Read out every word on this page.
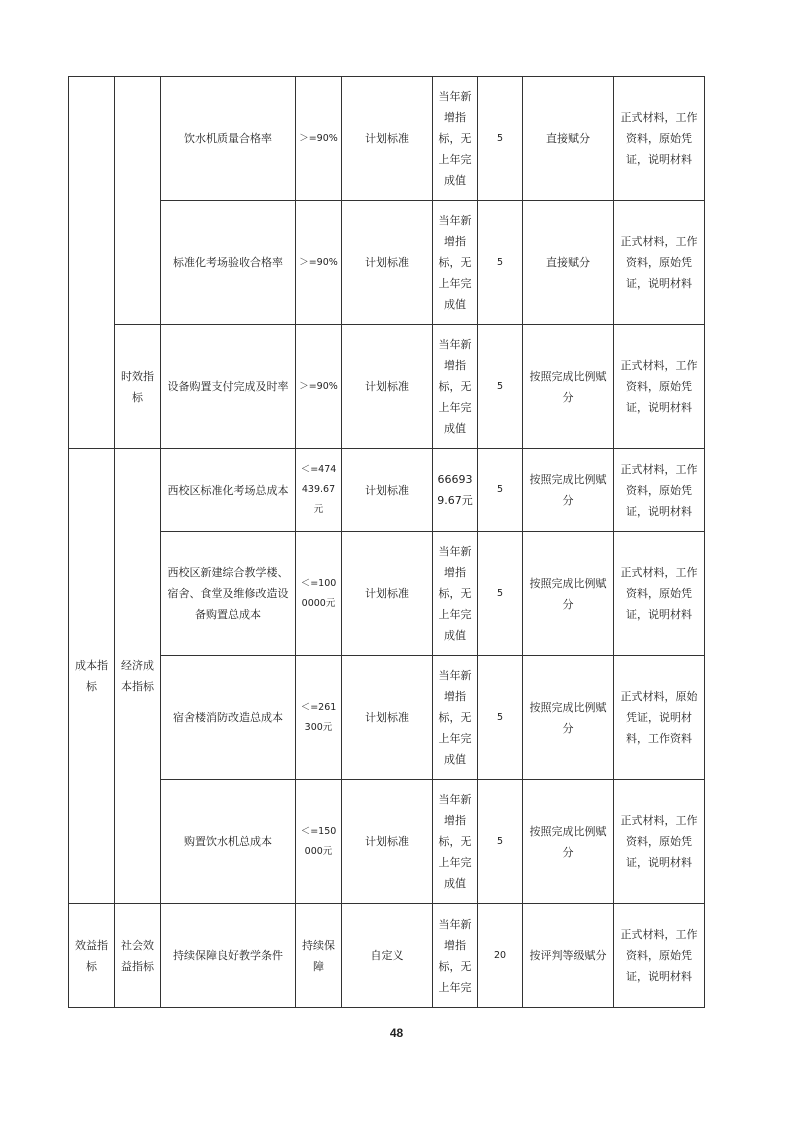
		饮水机质量合格率	＞=90%	计划标准	当年新增指标，无上年完成值	5	直接赋分	正式材料，工作资料，原始凭证，说明材料
		标准化考场验收合格率	＞=90%	计划标准	当年新增指标，无上年完成值	5	直接赋分	正式材料，工作资料，原始凭证，说明材料
	时效指标	设备购置支付完成及时率	＞=90%	计划标准	当年新增指标，无上年完成值	5	按照完成比例赋分	正式材料，工作资料，原始凭证，说明材料
成本指标	经济成本指标	西校区标准化考场总成本	＜=474439.67元	计划标准	666939.67元	5	按照完成比例赋分	正式材料，工作资料，原始凭证，说明材料
		西校区新建综合教学楼、宿舍、食堂及维修改造设备购置总成本	＜=1000000元	计划标准	当年新增指标，无上年完成值	5	按照完成比例赋分	正式材料，工作资料，原始凭证，说明材料
		宿舍楼消防改造总成本	＜=261300元	计划标准	当年新增指标，无上年完成值	5	按照完成比例赋分	正式材料，原始凭证，说明材料，工作资料
		购置饮水机总成本	＜=150000元	计划标准	当年新增指标，无上年完成值	5	按照完成比例赋分	正式材料，工作资料，原始凭证，说明材料
效益指标	社会效益指标	持续保障良好教学条件	持续保障	自定义	当年新增指标，无上年完	20	按评判等级赋分	正式材料，工作资料，原始凭证，说明材料
48
